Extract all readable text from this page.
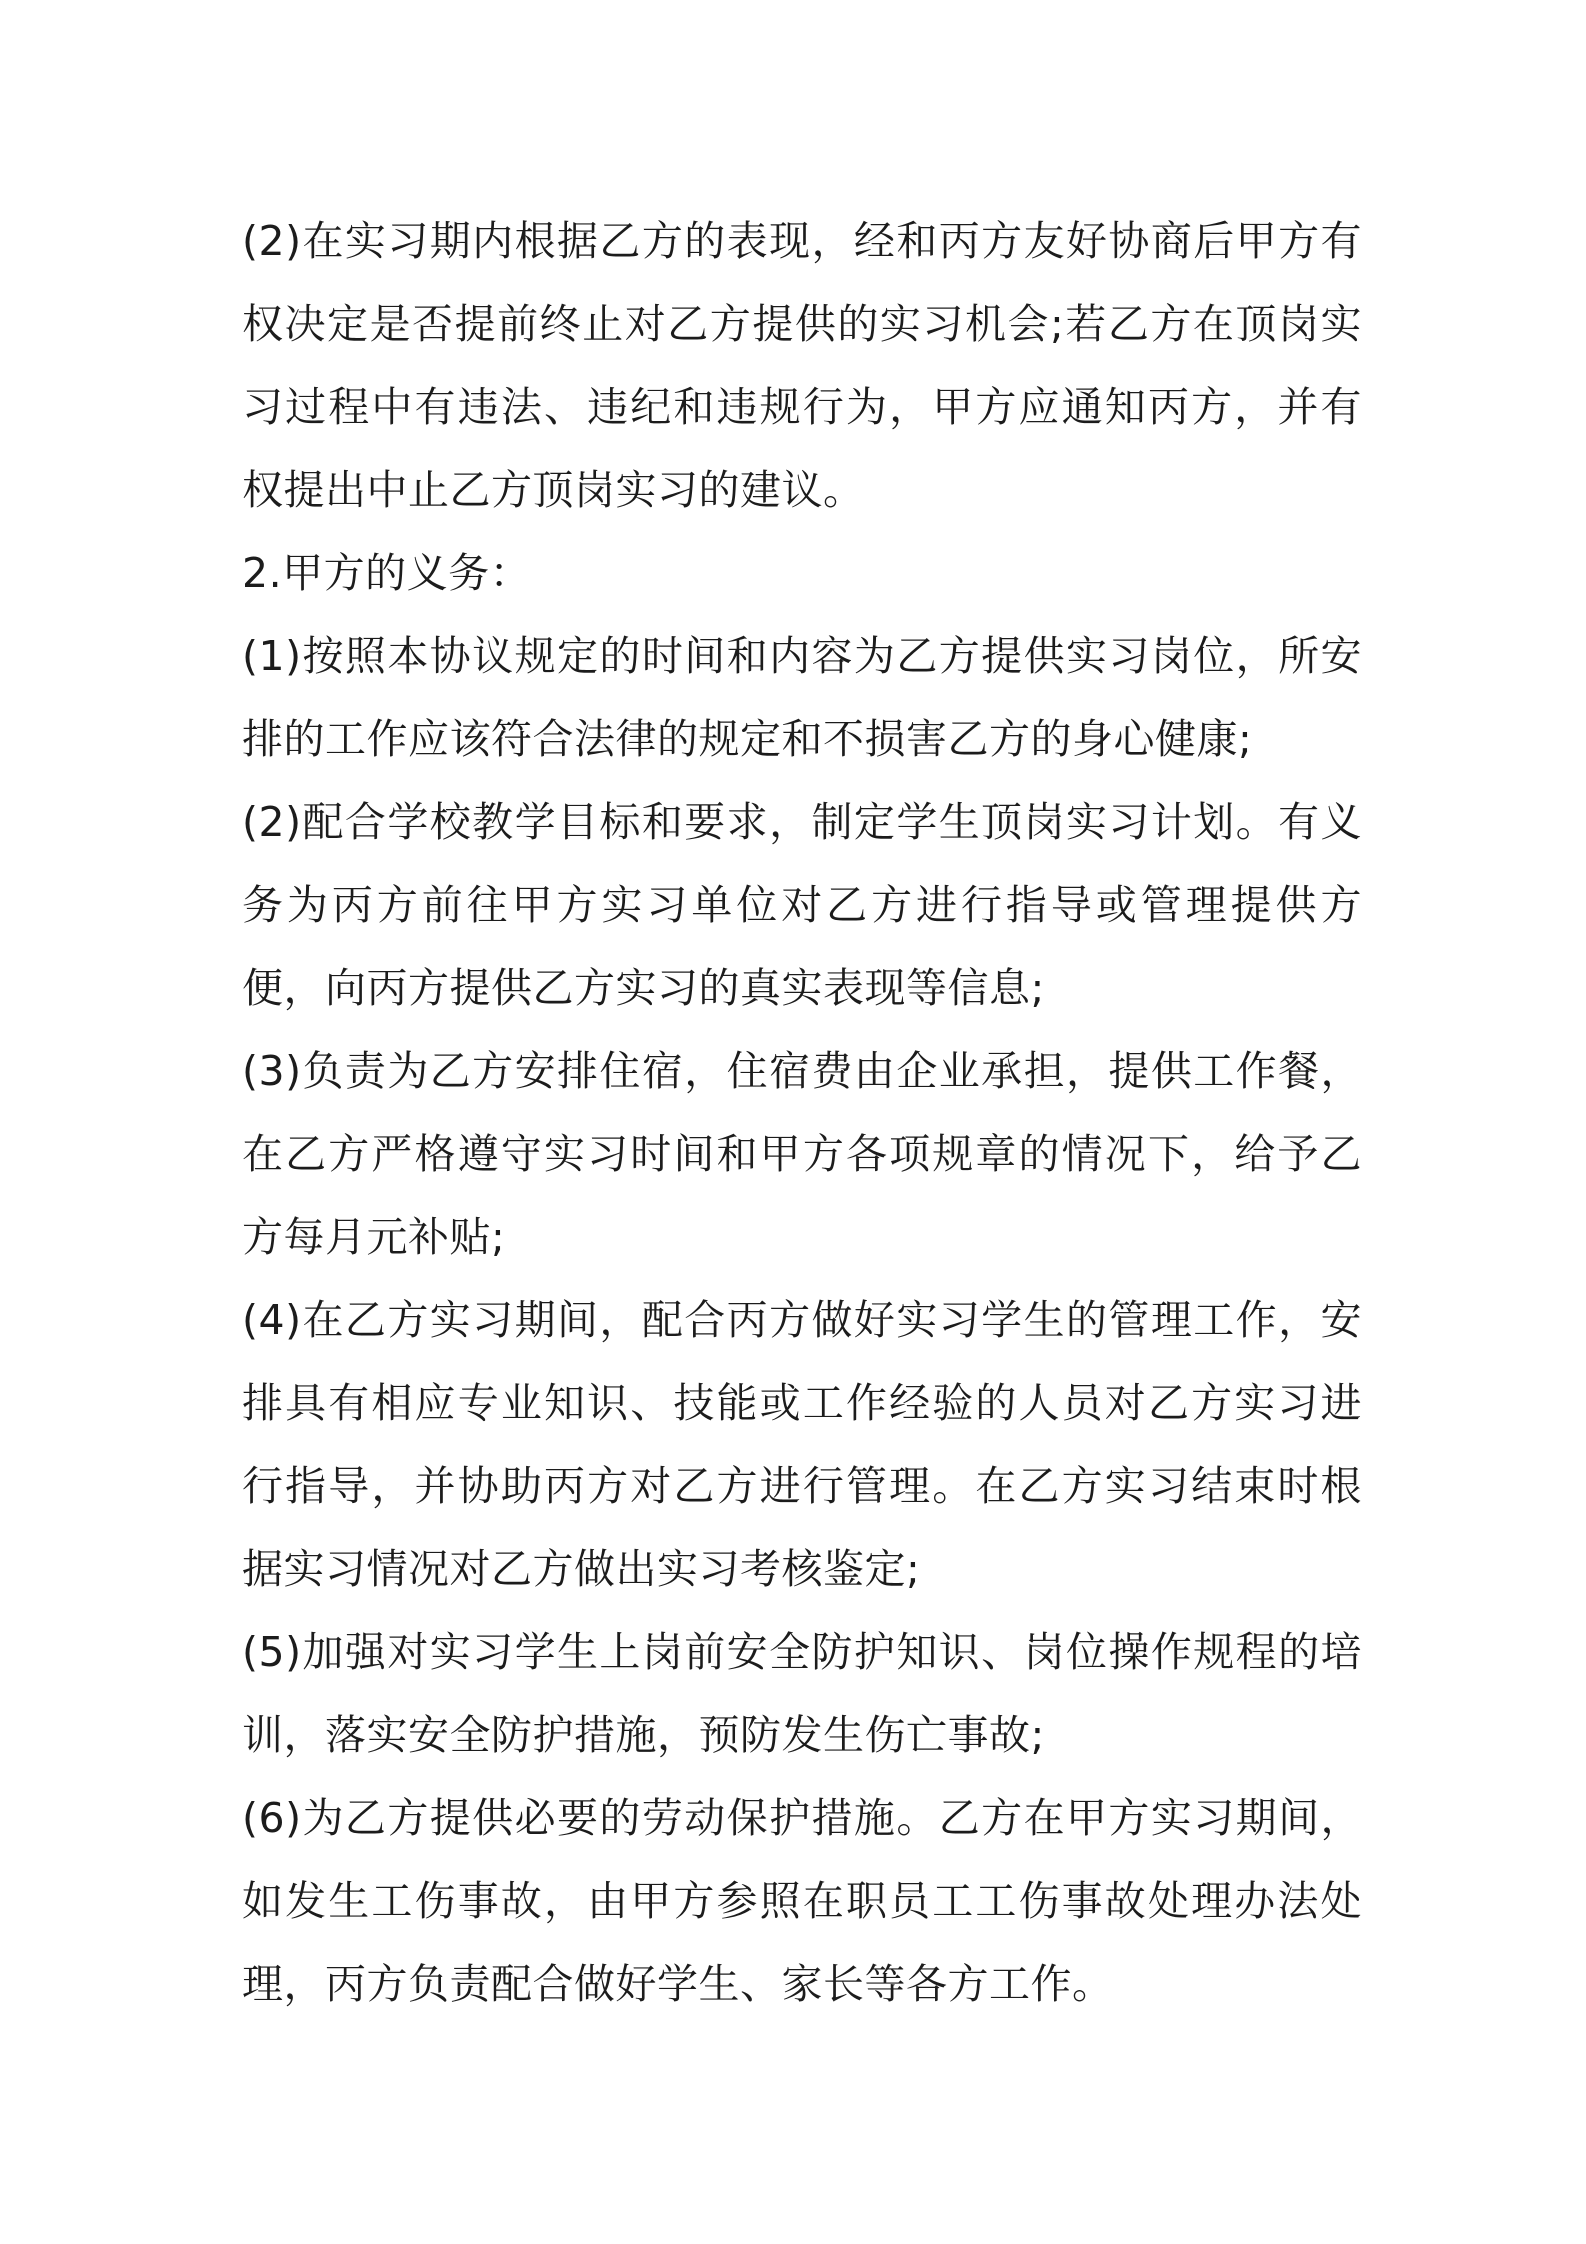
(2)在实习期内根据乙方的表现，经和丙方友好协商后甲方有权决定是否提前终止对乙方提供的实习机会;若乙方在顶岗实习过程中有违法、违纪和违规行为，甲方应通知丙方，并有权提出中止乙方顶岗实习的建议。

2.甲方的义务：

(1)按照本协议规定的时间和内容为乙方提供实习岗位，所安排的工作应该符合法律的规定和不损害乙方的身心健康;

(2)配合学校教学目标和要求，制定学生顶岗实习计划。有义务为丙方前往甲方实习单位对乙方进行指导或管理提供方便，向丙方提供乙方实习的真实表现等信息;

(3)负责为乙方安排住宿，住宿费由企业承担，提供工作餐，在乙方严格遵守实习时间和甲方各项规章的情况下，给予乙方每月元补贴;

(4)在乙方实习期间，配合丙方做好实习学生的管理工作，安排具有相应专业知识、技能或工作经验的人员对乙方实习进行指导，并协助丙方对乙方进行管理。在乙方实习结束时根据实习情况对乙方做出实习考核鉴定;

(5)加强对实习学生上岗前安全防护知识、岗位操作规程的培训，落实安全防护措施，预防发生伤亡事故;

(6)为乙方提供必要的劳动保护措施。乙方在甲方实习期间，如发生工伤事故，由甲方参照在职员工工伤事故处理办法处理，丙方负责配合做好学生、家长等各方工作。
